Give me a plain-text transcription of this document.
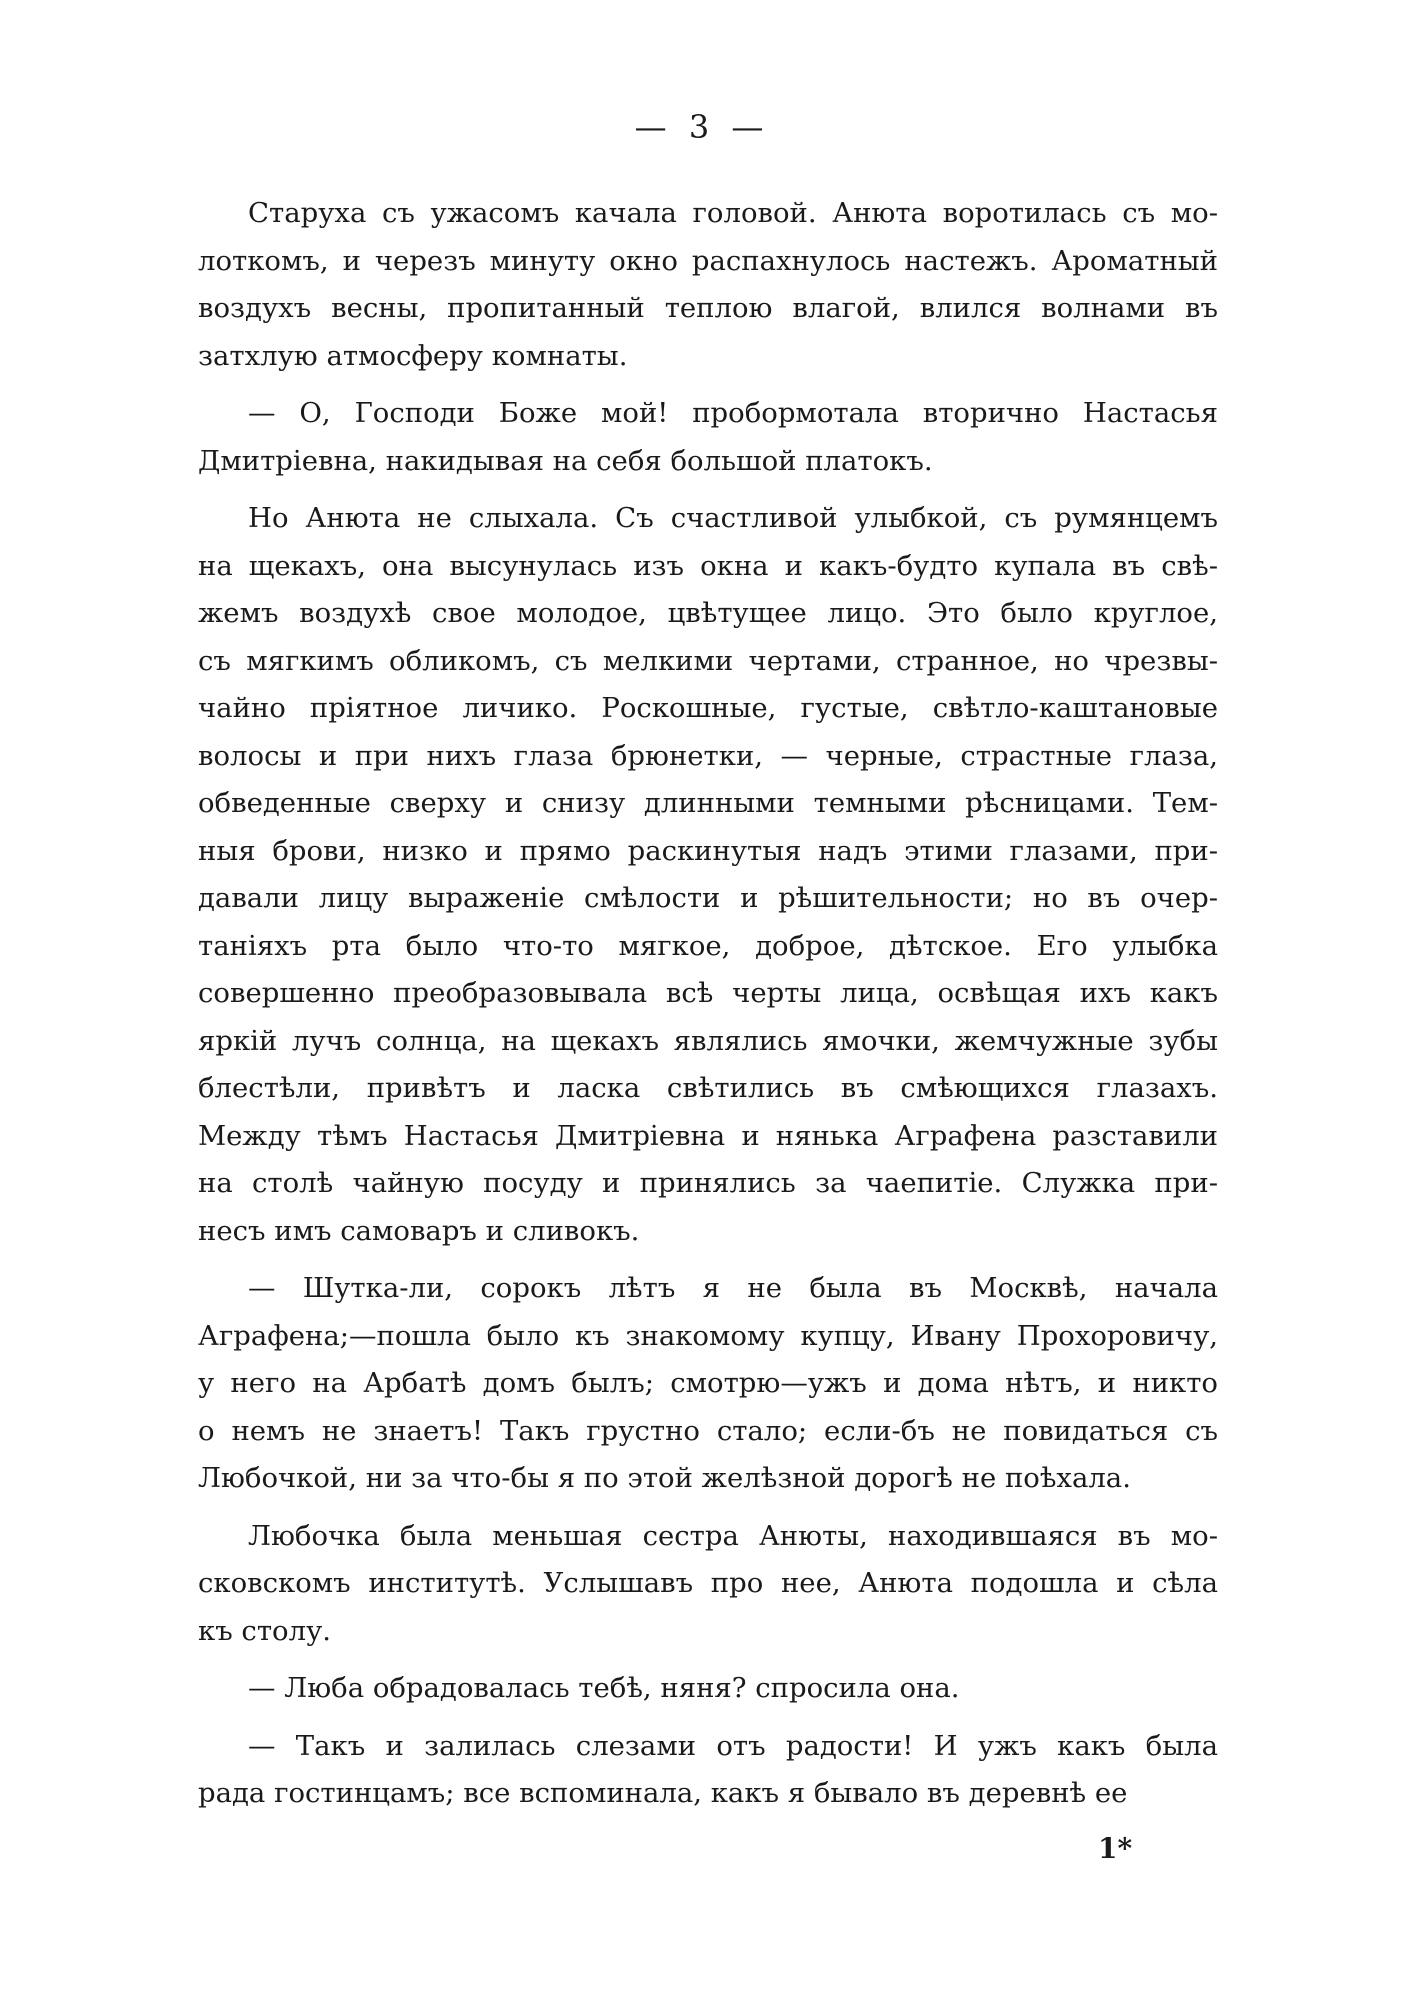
— 3 —
Старуха съ ужасомъ качала головой. Анюта воротилась съ мо-
лоткомъ, и черезъ минуту окно распахнулось настежъ. Ароматный
воздухъ весны, пропитанный теплою влагой, влился волнами въ
затхлую атмосферу комнаты.
— О, Господи Боже мой! пробормотала вторично Настасья
Дмитріевна, накидывая на себя большой платокъ.
Но Анюта не слыхала. Съ счастливой улыбкой, съ румянцемъ
на щекахъ, она высунулась изъ окна и какъ-будто купала въ свѣ-
жемъ воздухѣ свое молодое, цвѣтущее лицо. Это было круглое,
съ мягкимъ обликомъ, съ мелкими чертами, странное, но чрезвы-
чайно пріятное личико. Роскошные, густые, свѣтло-каштановые
волосы и при нихъ глаза брюнетки, — черные, страстные глаза,
обведенные сверху и снизу длинными темными рѣсницами. Тем-
ныя брови, низко и прямо раскинутыя надъ этими глазами, при-
давали лицу выраженіе смѣлости и рѣшительности; но въ очер-
таніяхъ рта было что-то мягкое, доброе, дѣтское. Его улыбка
совершенно преобразовывала всѣ черты лица, освѣщая ихъ какъ
яркій лучъ солнца, на щекахъ являлись ямочки, жемчужные зубы
блестѣли, привѣтъ и ласка свѣтились въ смѣющихся глазахъ.
Между тѣмъ Настасья Дмитріевна и нянька Аграфена разставили
на столѣ чайную посуду и принялись за чаепитіе. Служка при-
несъ имъ самоваръ и сливокъ.
— Шутка-ли, сорокъ лѣтъ я не была въ Москвѣ, начала
Аграфена;—пошла было къ знакомому купцу, Ивану Прохоровичу,
у него на Арбатѣ домъ былъ; смотрю—ужъ и дома нѣтъ, и никто
о немъ не знаетъ! Такъ грустно стало; если-бъ не повидаться съ
Любочкой, ни за что-бы я по этой желѣзной дорогѣ не поѣхала.
Любочка была меньшая сестра Анюты, находившаяся въ мо-
сковскомъ институтѣ. Услышавъ про нее, Анюта подошла и сѣла
къ столу.
— Люба обрадовалась тебѣ, няня? спросила она.
— Такъ и залилась слезами отъ радости! И ужъ какъ была
рада гостинцамъ; все вспоминала, какъ я бывало въ деревнѣ ее
1*
